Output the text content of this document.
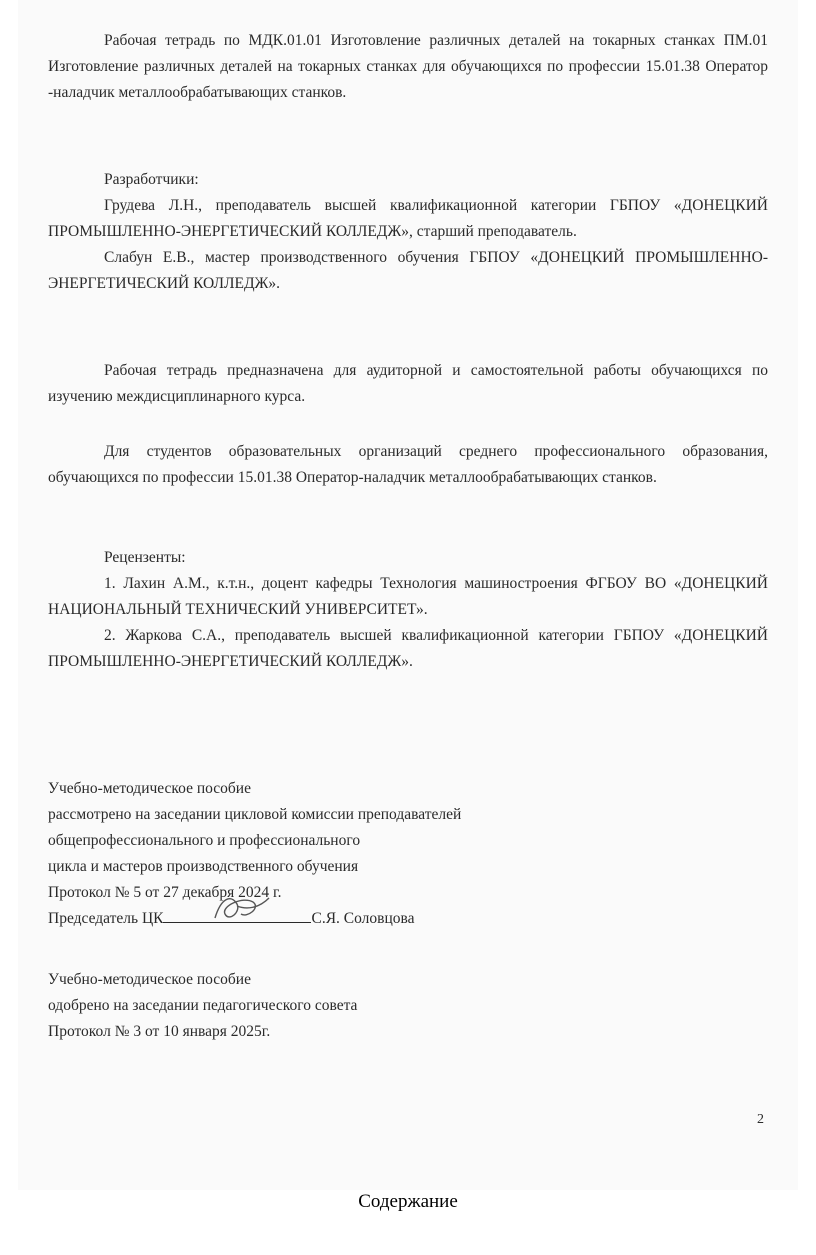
Рабочая тетрадь по МДК.01.01 Изготовление различных деталей на токарных станках ПМ.01 Изготовление различных деталей на токарных станках для обучающихся по профессии 15.01.38 Оператор -наладчик металлообрабатывающих станков.

Разработчики:

Грудева Л.Н., преподаватель высшей квалификационной категории ГБПОУ «ДОНЕЦКИЙ ПРОМЫШЛЕННО-ЭНЕРГЕТИЧЕСКИЙ КОЛЛЕДЖ», старший преподаватель.

Слабун Е.В., мастер производственного обучения ГБПОУ «ДОНЕЦКИЙ ПРОМЫШЛЕННО-ЭНЕРГЕТИЧЕСКИЙ КОЛЛЕДЖ».

Рабочая тетрадь предназначена для аудиторной и самостоятельной работы обучающихся по изучению междисциплинарного курса.

Для студентов образовательных организаций среднего профессионального образования, обучающихся по профессии 15.01.38 Оператор-наладчик металлообрабатывающих станков.

Рецензенты:

1. Лахин А.М., к.т.н., доцент кафедры Технология машиностроения ФГБОУ ВО «ДОНЕЦКИЙ НАЦИОНАЛЬНЫЙ ТЕХНИЧЕСКИЙ УНИВЕРСИТЕТ».

2. Жаркова С.А., преподаватель высшей квалификационной категории ГБПОУ «ДОНЕЦКИЙ ПРОМЫШЛЕННО-ЭНЕРГЕТИЧЕСКИЙ КОЛЛЕДЖ».

Учебно-методическое пособие
рассмотрено на заседании цикловой комиссии преподавателей
общепрофессионального и профессионального
цикла и мастеров производственного обучения
Протокол № 5 от 27 декабря 2024 г.
Председатель ЦК	С.Я. Соловцова
Учебно-методическое пособие
одобрено на заседании педагогического совета
Протокол № 3 от 10 января 2025г.
2
Содержание
